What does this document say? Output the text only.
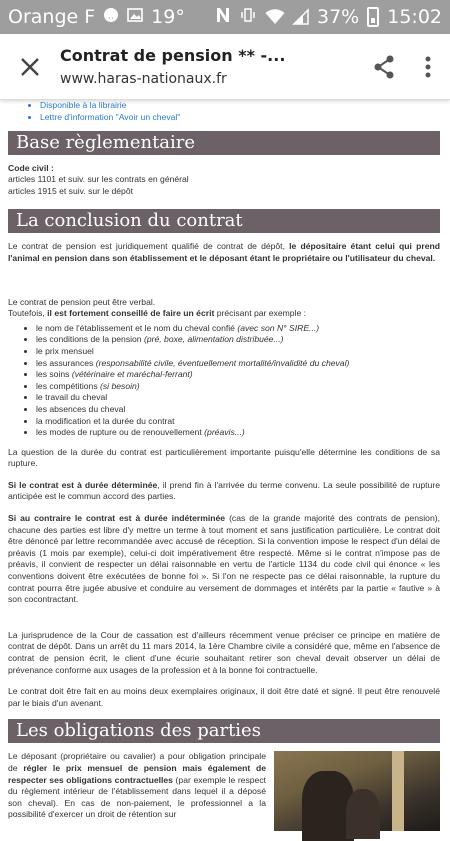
Orange F .. 19°	37% 15:02
Contrat de pension ** -...
www.haras-nationaux.fr
• Disponible à la librairie
• Lettre d'information "Avoir un cheval"
Base règlementaire

Code civil :
articles 1101 et suiv. sur les contrats en général
articles 1915 et suiv. sur le dépôt

La conclusion du contrat

Le contrat de pension est juridiquement qualifié de contrat de dépôt, le dépositaire étant celui qui prend l'animal en pension dans son établissement et le déposant étant le propriétaire ou l'utilisateur du cheval.

Le contrat de pension peut être verbal.
Toutefois, il est fortement conseillé de faire un écrit précisant par exemple :

• le nom de l'établissement et le nom du cheval confié (avec son N° SIRE...)
• les conditions de la pension (pré, boxe, alimentation distribuée...)
• le prix mensuel
• les assurances (responsabilité civile, éventuellement mortalité/invalidité du cheval)
• les soins (vétérinaire et maréchal-ferrant)
• les compétitions (si besoin)
• le travail du cheval
• les absences du cheval
• la modification et la durée du contrat
• les modes de rupture ou de renouvellement (préavis...)

La question de la durée du contrat est particulièrement importante puisqu'elle détermine les conditions de sa rupture.

Si le contrat est à durée déterminée, il prend fin à l'arrivée du terme convenu. La seule possibilité de rupture anticipée est le commun accord des parties.

Si au contraire le contrat est à durée indéterminée (cas de la grande majorité des contrats de pension), chacune des parties est libre d'y mettre un terme à tout moment et sans justification particulière. Le contrat doit être dénoncé par lettre recommandée avec accusé de réception. Si la convention impose le respect d'un délai de préavis (1 mois par exemple), celui-ci doit impérativement être respecté. Même si le contrat n'impose pas de préavis, il convient de respecter un délai raisonnable en vertu de l'article 1134 du code civil qui énonce « les conventions doivent être exécutées de bonne foi ». Si l'on ne respecte pas ce délai raisonnable, la rupture du contrat pourra être jugée abusive et conduire au versement de dommages et intérêts par la partie « fautive » à son cocontractant.

La jurisprudence de la Cour de cassation est d'ailleurs récemment venue préciser ce principe en matière de contrat de dépôt. Dans un arrêt du 11 mars 2014, la 1ère Chambre civile a considéré que, même en l'absence de contrat de pension écrit, le client d'une écurie souhaitant retirer son cheval devait observer un délai de prévenance conforme aux usages de la profession et à la bonne foi contractuelle.

Le contrat doit être fait en au moins deux exemplaires originaux, il doit être daté et signé. Il peut être renouvelé par le biais d'un avenant.

Les obligations des parties

Le déposant (propriétaire ou cavalier) a pour obligation principale de régler le prix mensuel de pension mais également de respecter ses obligations contractuelles (par exemple le respect du règlement intérieur de l'établissement dans lequel il a déposé son cheval). En cas de non-paiement, le professionnel a la possibilité d'exercer un droit de rétention sur
